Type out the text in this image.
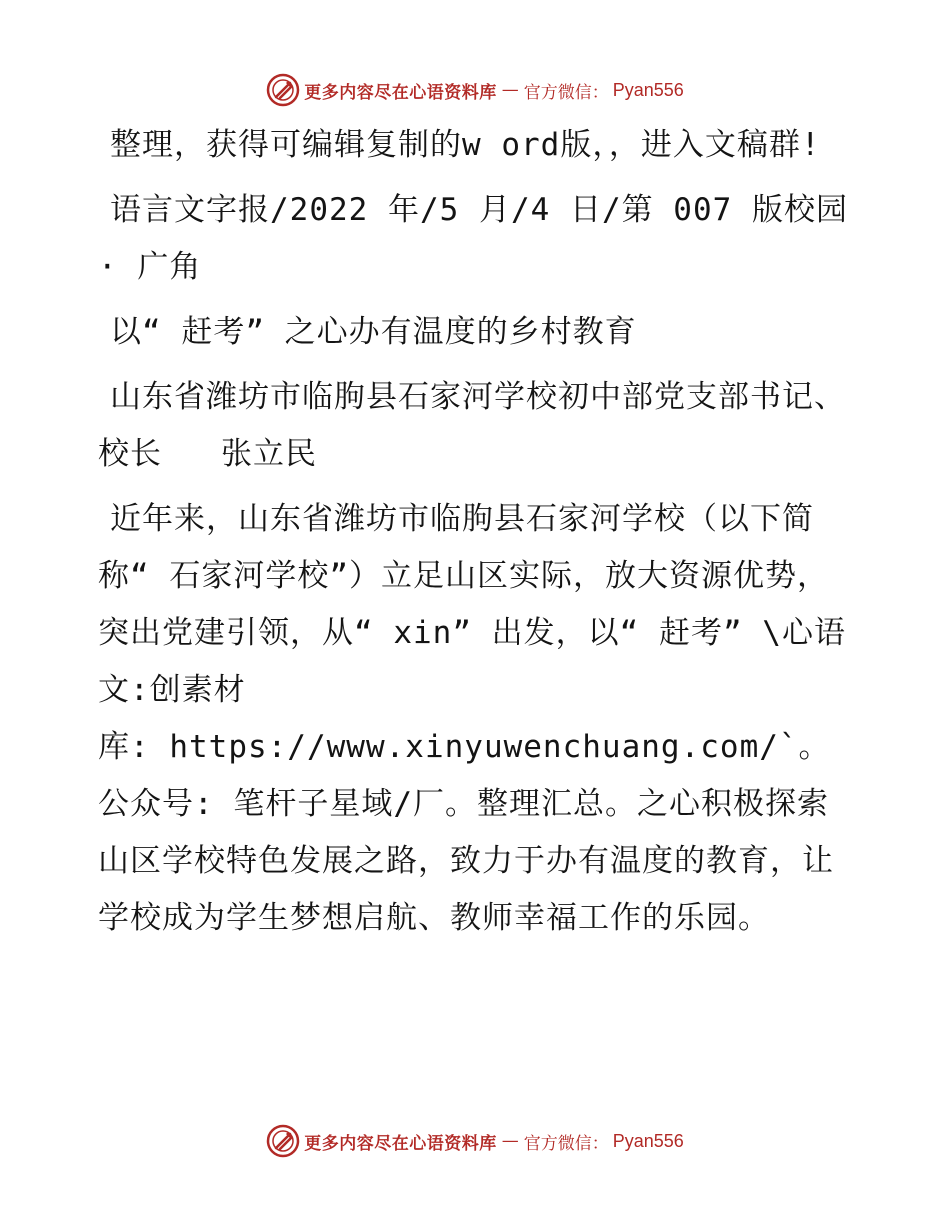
更多内容尽在心语资料库 — 官方微信： Pyan556

整理，获得可编辑复制的w ord版，，进入文稿群!

语言文字报/2022 年/5 月/4 日/第 007 版校园 · 广角

以“ 赶考” 之心办有温度的乡村教育

山东省潍坊市临朐县石家河学校初中部党支部书记、校长   张立民

近年来，山东省潍坊市临朐县石家河学校（以下简称“ 石家河学校”）立足山区实际，放大资源优势，突出党建引领，从“ xin” 出发，以“ 赶考” \心语文:创素材

库: https://www.xinyuwenchuang.com/`。公众号: 笔杆子星域/厂。整理汇总。之心积极探索山区学校特色发展之路，致力于办有温度的教育，让学校成为学生梦想启航、教师幸福工作的乐园。

更多内容尽在心语资料库 — 官方微信： Pyan556
